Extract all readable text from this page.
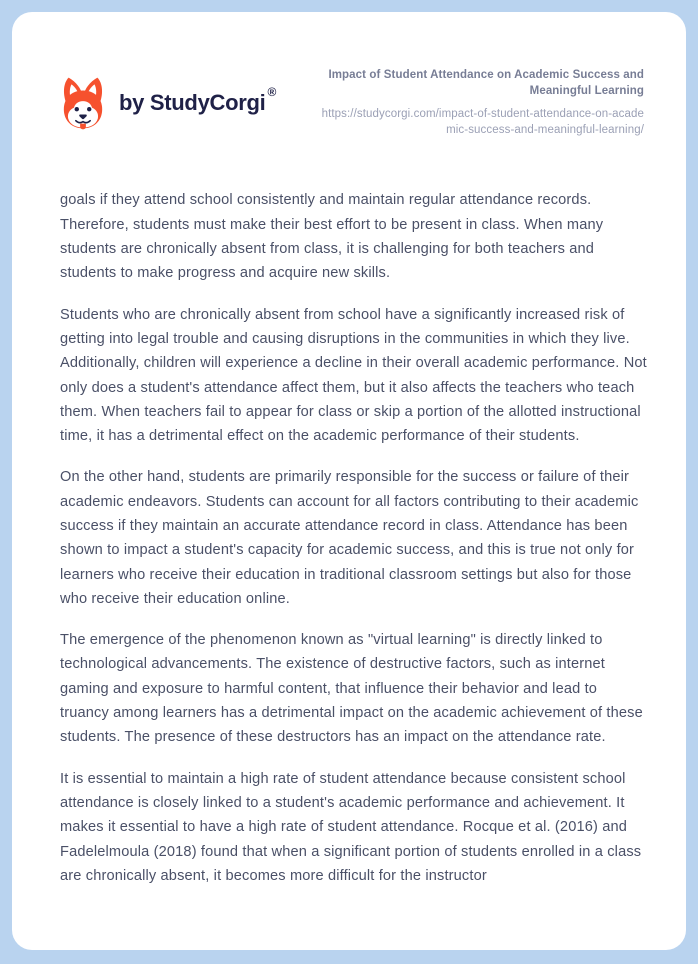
by StudyCorgi ®
Impact of Student Attendance on Academic Success and Meaningful Learning
https://studycorgi.com/impact-of-student-attendance-on-academic-success-and-meaningful-learning/

goals if they attend school consistently and maintain regular attendance records. Therefore, students must make their best effort to be present in class. When many students are chronically absent from class, it is challenging for both teachers and students to make progress and acquire new skills.

Students who are chronically absent from school have a significantly increased risk of getting into legal trouble and causing disruptions in the communities in which they live. Additionally, children will experience a decline in their overall academic performance. Not only does a student's attendance affect them, but it also affects the teachers who teach them. When teachers fail to appear for class or skip a portion of the allotted instructional time, it has a detrimental effect on the academic performance of their students.

On the other hand, students are primarily responsible for the success or failure of their academic endeavors. Students can account for all factors contributing to their academic success if they maintain an accurate attendance record in class. Attendance has been shown to impact a student's capacity for academic success, and this is true not only for learners who receive their education in traditional classroom settings but also for those who receive their education online.

The emergence of the phenomenon known as "virtual learning" is directly linked to technological advancements. The existence of destructive factors, such as internet gaming and exposure to harmful content, that influence their behavior and lead to truancy among learners has a detrimental impact on the academic achievement of these students. The presence of these destructors has an impact on the attendance rate.

It is essential to maintain a high rate of student attendance because consistent school attendance is closely linked to a student's academic performance and achievement. It makes it essential to have a high rate of student attendance. Rocque et al. (2016) and Fadelelmoula (2018) found that when a significant portion of students enrolled in a class are chronically absent, it becomes more difficult for the instructor
